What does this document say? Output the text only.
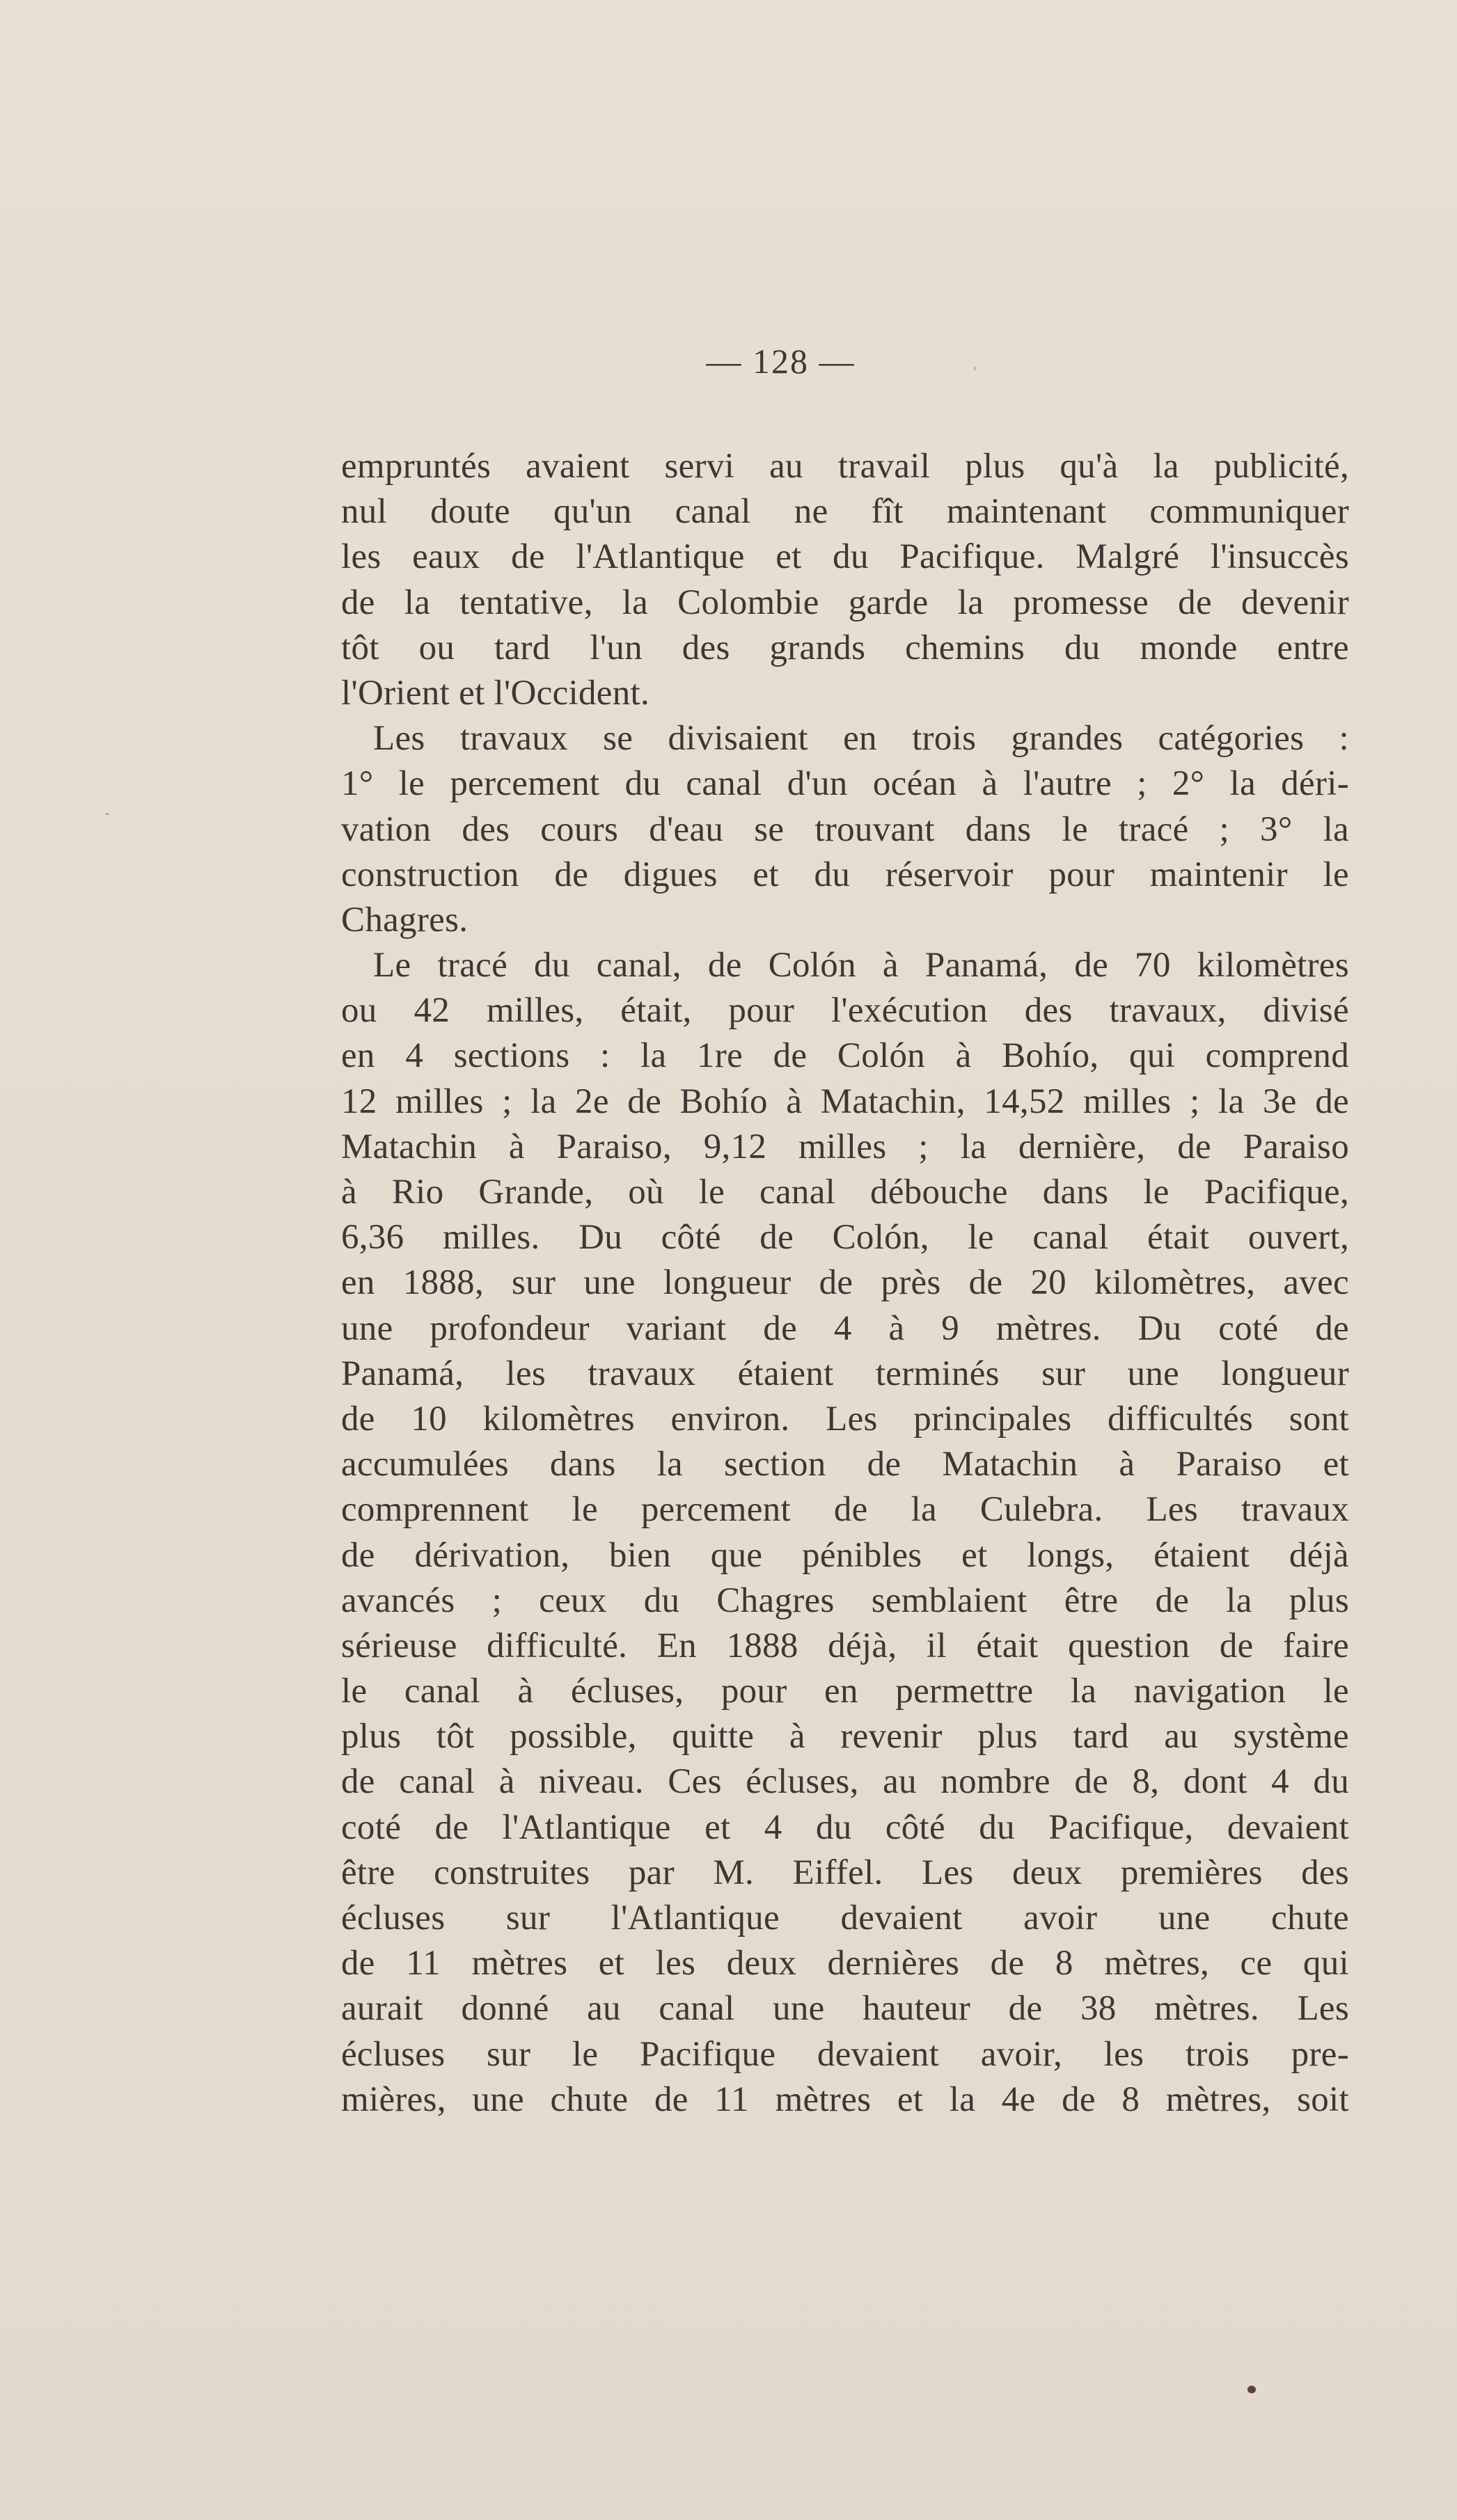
— 128 —
empruntés avaient servi au travail plus qu'à la publicité,
nul doute qu'un canal ne fît maintenant communiquer
les eaux de l'Atlantique et du Pacifique. Malgré l'insuccès
de la tentative, la Colombie garde la promesse de devenir
tôt ou tard l'un des grands chemins du monde entre
l'Orient et l'Occident.
Les travaux se divisaient en trois grandes catégories :
1° le percement du canal d'un océan à l'autre ; 2° la déri-
vation des cours d'eau se trouvant dans le tracé ; 3° la
construction de digues et du réservoir pour maintenir le
Chagres.
Le tracé du canal, de Colón à Panamá, de 70 kilomètres
ou 42 milles, était, pour l'exécution des travaux, divisé
en 4 sections : la 1re de Colón à Bohío, qui comprend
12 milles ; la 2e de Bohío à Matachin, 14,52 milles ; la 3e de
Matachin à Paraiso, 9,12 milles ; la dernière, de Paraiso
à Rio Grande, où le canal débouche dans le Pacifique,
6,36 milles. Du côté de Colón, le canal était ouvert,
en 1888, sur une longueur de près de 20 kilomètres, avec
une profondeur variant de 4 à 9 mètres. Du coté de
Panamá, les travaux étaient terminés sur une longueur
de 10 kilomètres environ. Les principales difficultés sont
accumulées dans la section de Matachin à Paraiso et
comprennent le percement de la Culebra. Les travaux
de dérivation, bien que pénibles et longs, étaient déjà
avancés ; ceux du Chagres semblaient être de la plus
sérieuse difficulté. En 1888 déjà, il était question de faire
le canal à écluses, pour en permettre la navigation le
plus tôt possible, quitte à revenir plus tard au système
de canal à niveau. Ces écluses, au nombre de 8, dont 4 du
coté de l'Atlantique et 4 du côté du Pacifique, devaient
être construites par M. Eiffel. Les deux premières des
écluses sur l'Atlantique devaient avoir une chute
de 11 mètres et les deux dernières de 8 mètres, ce qui
aurait donné au canal une hauteur de 38 mètres. Les
écluses sur le Pacifique devaient avoir, les trois pre-
mières, une chute de 11 mètres et la 4e de 8 mètres, soit
